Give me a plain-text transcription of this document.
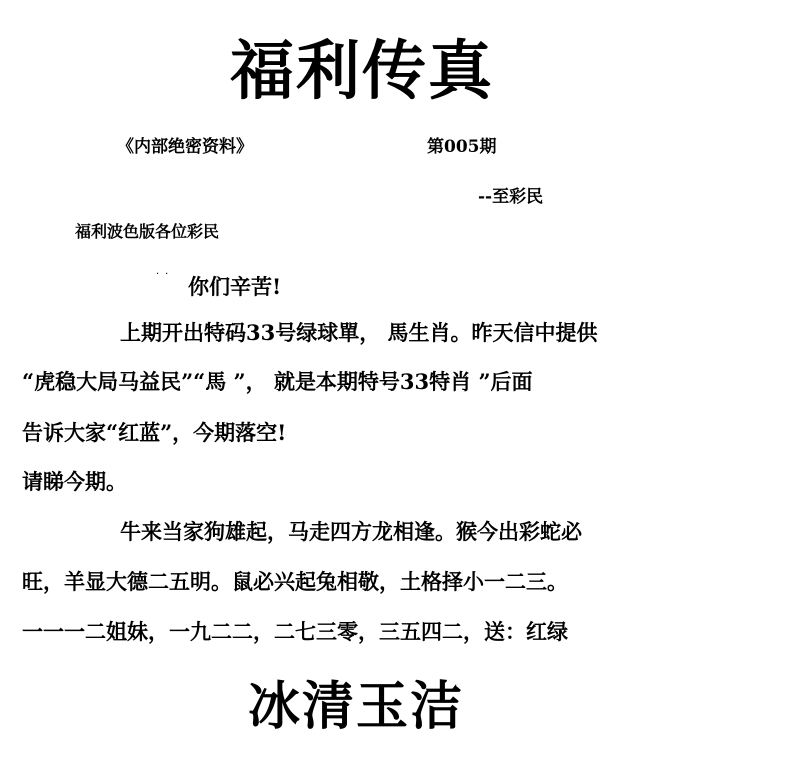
福利传真
《内部绝密资料》	第005期
--至彩民
福利波色版各位彩民
·· 你们辛苦!
上期开出特码33号绿球單， 馬生肖。昨天信中提供
“虎稳大局马益民”“馬 ”， 就是本期特号33特肖 ”后面
告诉大家“红蓝”，今期落空!
请睇今期。
牛来当家狗雄起，马走四方龙相逢。猴今出彩蛇必
旺，羊显大德二五明。鼠必兴起兔相敬，土格择小一二三。
一一一二姐妹，一九二二，二七三零，三五四二，送：红绿
冰清玉洁
